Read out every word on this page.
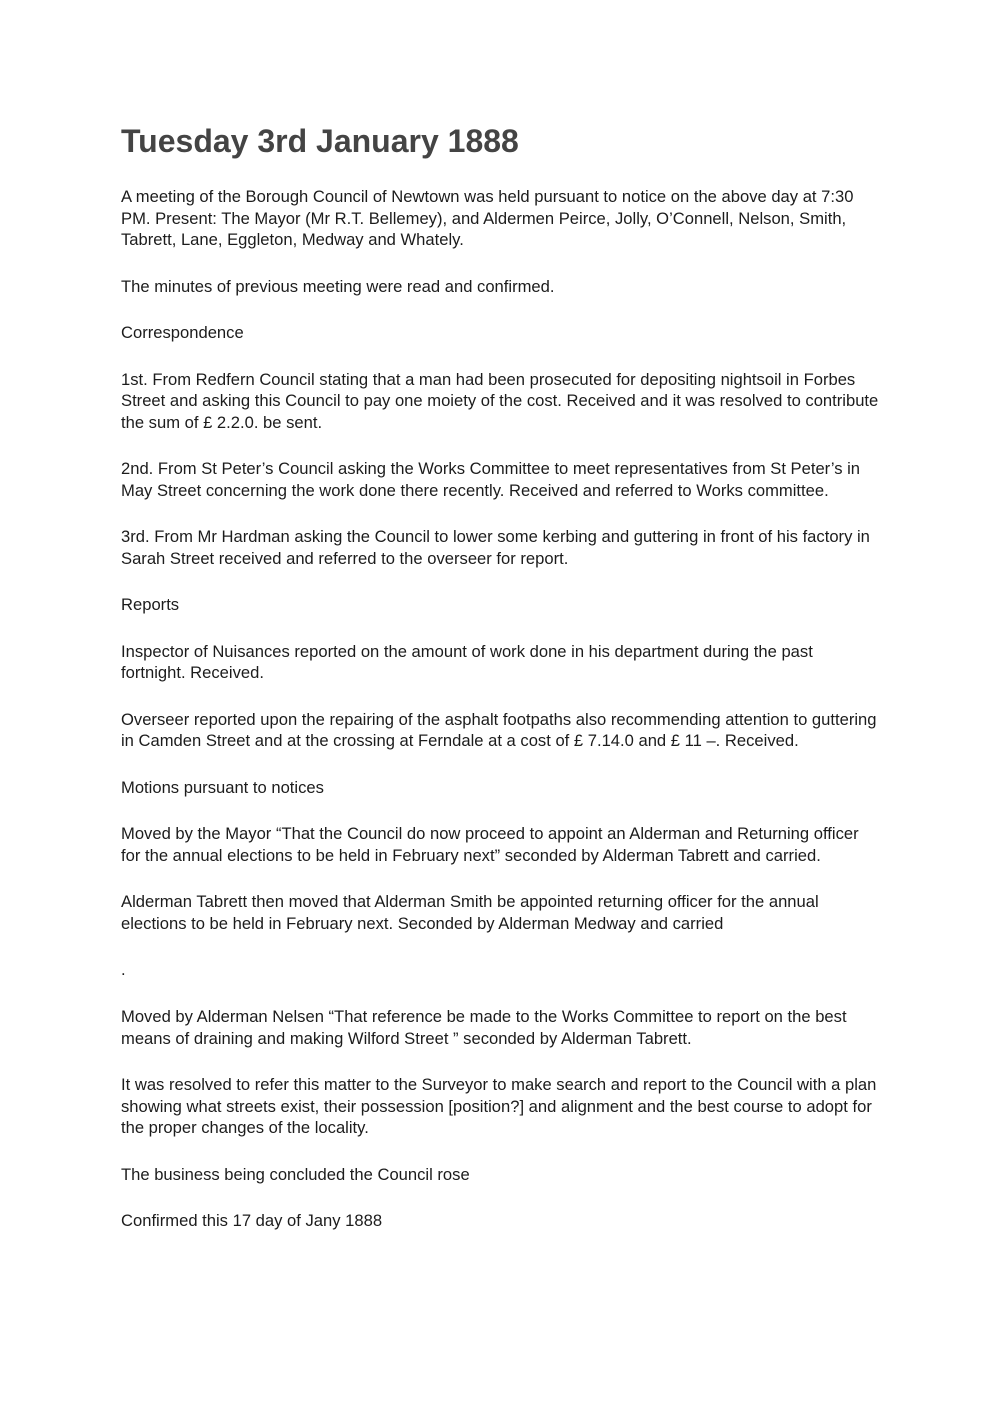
Tuesday 3rd January 1888

A meeting of the Borough Council of Newtown was held pursuant to notice on the above day at 7:30 PM. Present: The Mayor (Mr R.T. Bellemey), and Aldermen Peirce, Jolly, O’Connell, Nelson, Smith, Tabrett, Lane, Eggleton, Medway and Whately.

The minutes of previous meeting were read and confirmed.

Correspondence

1st. From Redfern Council stating that a man had been prosecuted for depositing nightsoil in Forbes Street and asking this Council to pay one moiety of the cost. Received and it was resolved to contribute the sum of £ 2.2.0. be sent.

2nd. From St Peter’s Council asking the Works Committee to meet representatives from St Peter’s in May Street concerning the work done there recently. Received and referred to Works committee.

3rd. From Mr Hardman asking the Council to lower some kerbing and guttering in front of his factory in Sarah Street received and referred to the overseer for report.

Reports

Inspector of Nuisances reported on the amount of work done in his department during the past fortnight. Received.

Overseer reported upon the repairing of the asphalt footpaths also recommending attention to guttering in Camden Street and at the crossing at Ferndale at a cost of £ 7.14.0 and £ 11 –. Received.

Motions pursuant to notices

Moved by the Mayor “That the Council do now proceed to appoint an Alderman and Returning officer for the annual elections to be held in February next” seconded by Alderman Tabrett and carried.

Alderman Tabrett then moved that Alderman Smith be appointed returning officer for the annual elections to be held in February next. Seconded by Alderman Medway and carried

.

Moved by Alderman Nelsen “That reference be made to the Works Committee to report on the best means of draining and making Wilford Street ” seconded by Alderman Tabrett.

It was resolved to refer this matter to the Surveyor to make search and report to the Council with a plan showing what streets exist, their possession [position?] and alignment and the best course to adopt for the proper changes of the locality.

The business being concluded the Council rose

Confirmed this 17 day of Jany 1888
